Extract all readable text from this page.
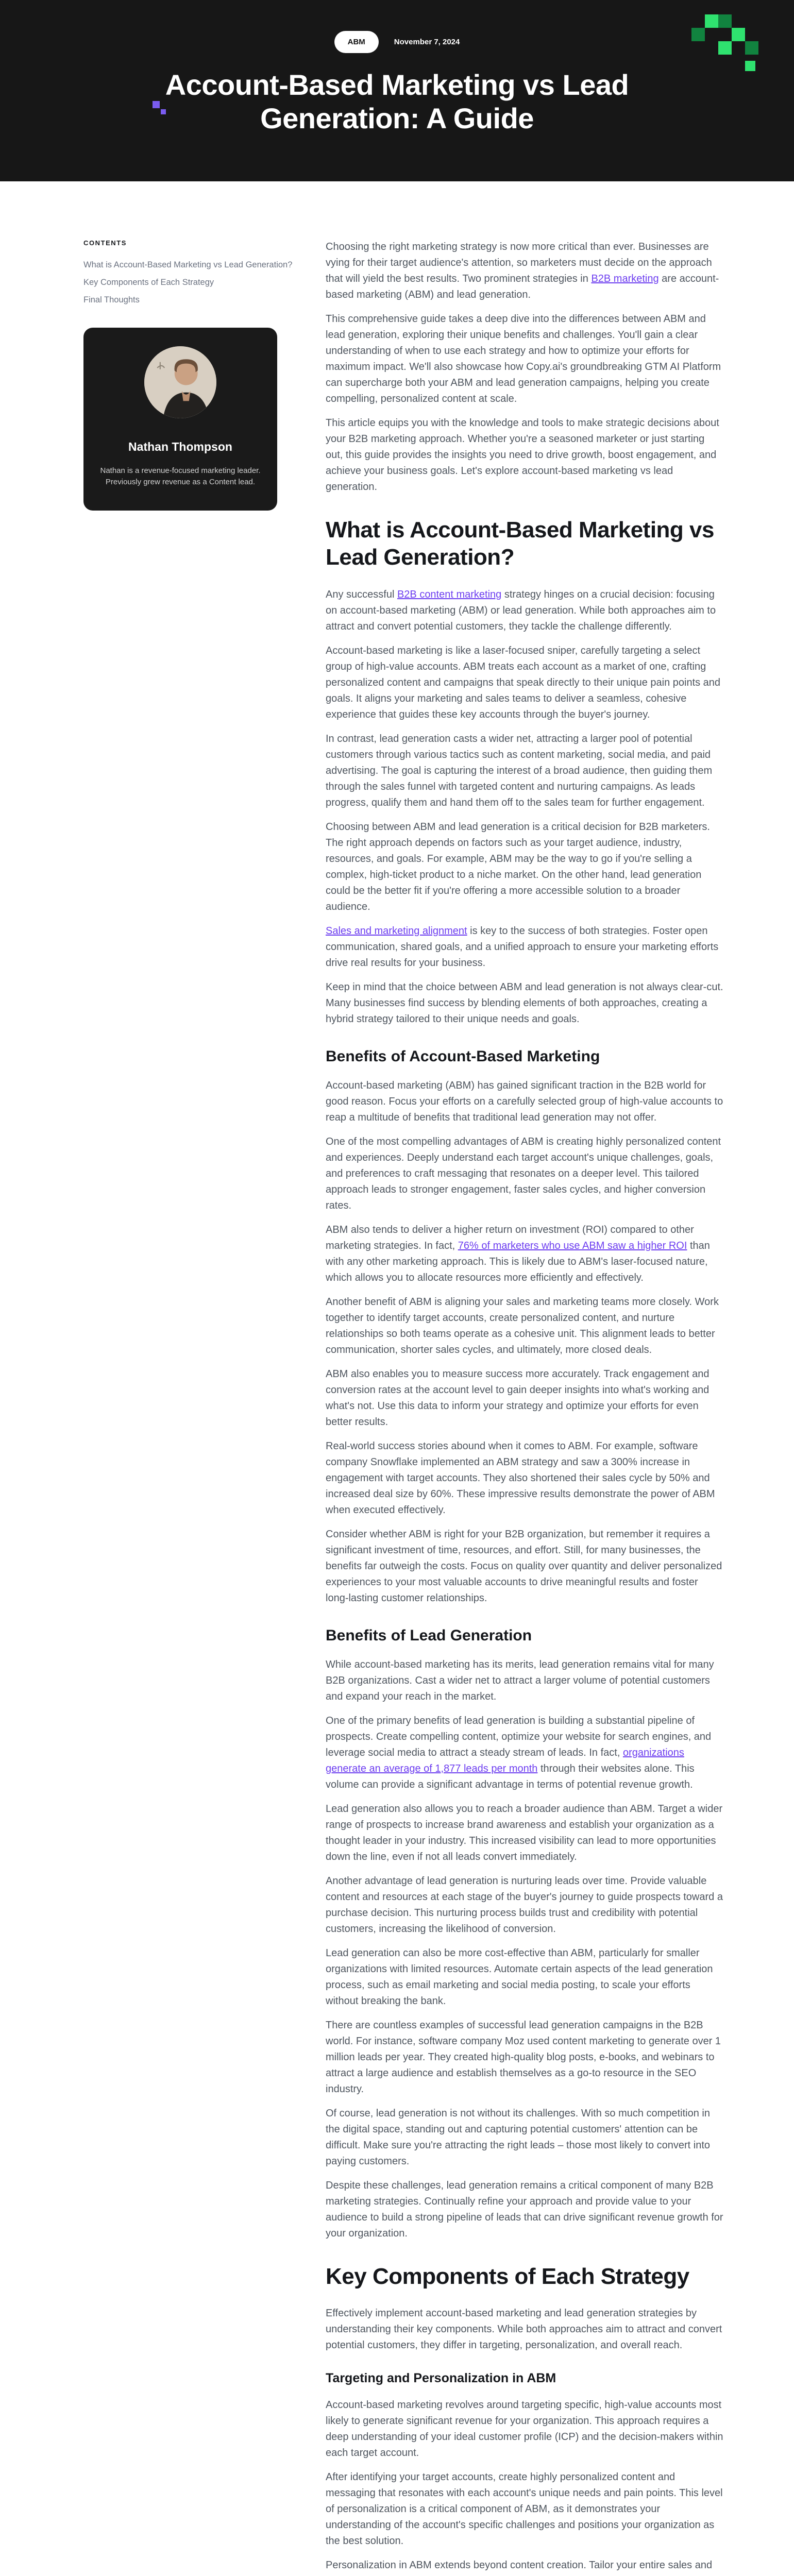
ABM	November 7, 2024
Account-Based Marketing vs Lead Generation: A Guide
CONTENTS
What is Account-Based Marketing vs Lead Generation?
Key Components of Each Strategy
Final Thoughts
Nathan Thompson
Nathan is a revenue-focused marketing leader. Previously grew revenue as a Content lead.

Choosing the right marketing strategy is now more critical than ever. Businesses are vying for their target audience's attention, so marketers must decide on the approach that will yield the best results. Two prominent strategies in B2B marketing are account-based marketing (ABM) and lead generation.

This comprehensive guide takes a deep dive into the differences between ABM and lead generation, exploring their unique benefits and challenges. You'll gain a clear understanding of when to use each strategy and how to optimize your efforts for maximum impact. We'll also showcase how Copy.ai's groundbreaking GTM AI Platform can supercharge both your ABM and lead generation campaigns, helping you create compelling, personalized content at scale.

This article equips you with the knowledge and tools to make strategic decisions about your B2B marketing approach. Whether you're a seasoned marketer or just starting out, this guide provides the insights you need to drive growth, boost engagement, and achieve your business goals. Let's explore account-based marketing vs lead generation.

What is Account-Based Marketing vs Lead Generation?

Any successful B2B content marketing strategy hinges on a crucial decision: focusing on account-based marketing (ABM) or lead generation. While both approaches aim to attract and convert potential customers, they tackle the challenge differently.

Account-based marketing is like a laser-focused sniper, carefully targeting a select group of high-value accounts. ABM treats each account as a market of one, crafting personalized content and campaigns that speak directly to their unique pain points and goals. It aligns your marketing and sales teams to deliver a seamless, cohesive experience that guides these key accounts through the buyer's journey.

In contrast, lead generation casts a wider net, attracting a larger pool of potential customers through various tactics such as content marketing, social media, and paid advertising. The goal is capturing the interest of a broad audience, then guiding them through the sales funnel with targeted content and nurturing campaigns. As leads progress, qualify them and hand them off to the sales team for further engagement.

Choosing between ABM and lead generation is a critical decision for B2B marketers. The right approach depends on factors such as your target audience, industry, resources, and goals. For example, ABM may be the way to go if you're selling a complex, high-ticket product to a niche market. On the other hand, lead generation could be the better fit if you're offering a more accessible solution to a broader audience.

Sales and marketing alignment is key to the success of both strategies. Foster open communication, shared goals, and a unified approach to ensure your marketing efforts drive real results for your business.

Keep in mind that the choice between ABM and lead generation is not always clear-cut. Many businesses find success by blending elements of both approaches, creating a hybrid strategy tailored to their unique needs and goals.

Benefits of Account-Based Marketing

Account-based marketing (ABM) has gained significant traction in the B2B world for good reason. Focus your efforts on a carefully selected group of high-value accounts to reap a multitude of benefits that traditional lead generation may not offer.

One of the most compelling advantages of ABM is creating highly personalized content and experiences. Deeply understand each target account's unique challenges, goals, and preferences to craft messaging that resonates on a deeper level. This tailored approach leads to stronger engagement, faster sales cycles, and higher conversion rates.

ABM also tends to deliver a higher return on investment (ROI) compared to other marketing strategies. In fact, 76% of marketers who use ABM saw a higher ROI than with any other marketing approach. This is likely due to ABM's laser-focused nature, which allows you to allocate resources more efficiently and effectively.

Another benefit of ABM is aligning your sales and marketing teams more closely. Work together to identify target accounts, create personalized content, and nurture relationships so both teams operate as a cohesive unit. This alignment leads to better communication, shorter sales cycles, and ultimately, more closed deals.

ABM also enables you to measure success more accurately. Track engagement and conversion rates at the account level to gain deeper insights into what's working and what's not. Use this data to inform your strategy and optimize your efforts for even better results.

Real-world success stories abound when it comes to ABM. For example, software company Snowflake implemented an ABM strategy and saw a 300% increase in engagement with target accounts. They also shortened their sales cycle by 50% and increased deal size by 60%. These impressive results demonstrate the power of ABM when executed effectively.

Consider whether ABM is right for your B2B organization, but remember it requires a significant investment of time, resources, and effort. Still, for many businesses, the benefits far outweigh the costs. Focus on quality over quantity and deliver personalized experiences to your most valuable accounts to drive meaningful results and foster long-lasting customer relationships.

Benefits of Lead Generation

While account-based marketing has its merits, lead generation remains vital for many B2B organizations. Cast a wider net to attract a larger volume of potential customers and expand your reach in the market.

One of the primary benefits of lead generation is building a substantial pipeline of prospects. Create compelling content, optimize your website for search engines, and leverage social media to attract a steady stream of leads. In fact, organizations generate an average of 1,877 leads per month through their websites alone. This volume can provide a significant advantage in terms of potential revenue growth.

Lead generation also allows you to reach a broader audience than ABM. Target a wider range of prospects to increase brand awareness and establish your organization as a thought leader in your industry. This increased visibility can lead to more opportunities down the line, even if not all leads convert immediately.

Another advantage of lead generation is nurturing leads over time. Provide valuable content and resources at each stage of the buyer's journey to guide prospects toward a purchase decision. This nurturing process builds trust and credibility with potential customers, increasing the likelihood of conversion.

Lead generation can also be more cost-effective than ABM, particularly for smaller organizations with limited resources. Automate certain aspects of the lead generation process, such as email marketing and social media posting, to scale your efforts without breaking the bank.

There are countless examples of successful lead generation campaigns in the B2B world. For instance, software company Moz used content marketing to generate over 1 million leads per year. They created high-quality blog posts, e-books, and webinars to attract a large audience and establish themselves as a go-to resource in the SEO industry.

Of course, lead generation is not without its challenges. With so much competition in the digital space, standing out and capturing potential customers' attention can be difficult. Make sure you're attracting the right leads – those most likely to convert into paying customers.

Despite these challenges, lead generation remains a critical component of many B2B marketing strategies. Continually refine your approach and provide value to your audience to build a strong pipeline of leads that can drive significant revenue growth for your organization.

Key Components of Each Strategy

Effectively implement account-based marketing and lead generation strategies by understanding their key components. While both approaches aim to attract and convert potential customers, they differ in targeting, personalization, and overall reach.

Targeting and Personalization in ABM

Account-based marketing revolves around targeting specific, high-value accounts most likely to generate significant revenue for your organization. This approach requires a deep understanding of your ideal customer profile (ICP) and the decision-makers within each target account.

After identifying your target accounts, create highly personalized content and messaging that resonates with each account's unique needs and pain points. This level of personalization is a critical component of ABM, as it demonstrates your understanding of the account's specific challenges and positions your organization as the best solution.

Personalization in ABM extends beyond content creation. Tailor your entire sales and
